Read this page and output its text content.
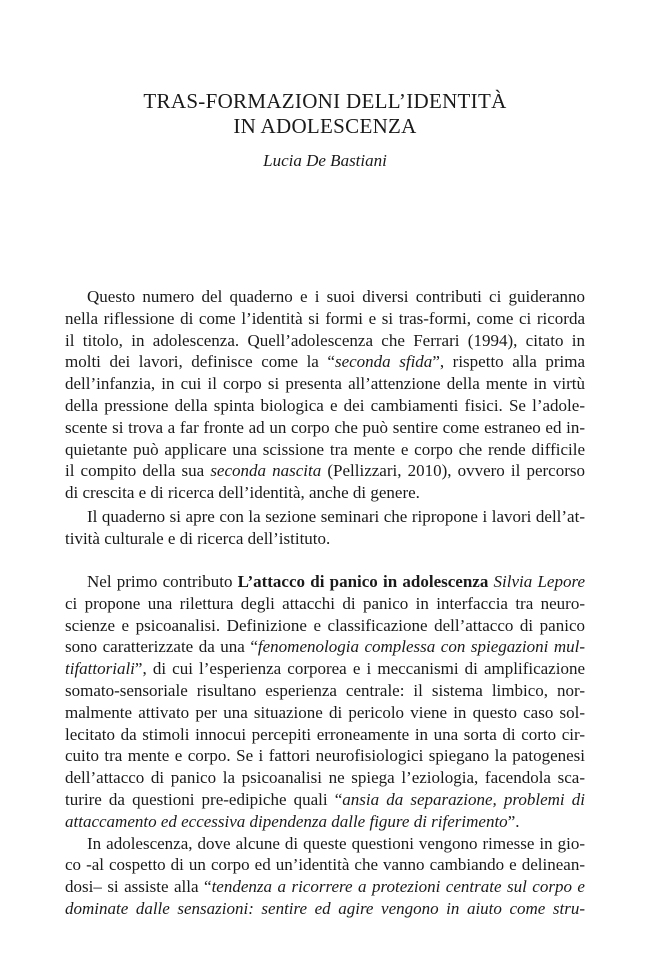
TRAS-FORMAZIONI DELL’IDENTITÀ
IN ADOLESCENZA
Lucia De Bastiani
Questo numero del quaderno e i suoi diversi contributi ci guideranno
nella riflessione di come l’identità si formi e si tras-formi, come ci ricorda
il titolo, in adolescenza. Quell’adolescenza che Ferrari (1994), citato in
molti dei lavori, definisce come la “seconda sfida”, rispetto alla prima
dell’infanzia, in cui il corpo si presenta all’attenzione della mente in virtù
della pressione della spinta biologica e dei cambiamenti fisici. Se l’adole-
scente si trova a far fronte ad un corpo che può sentire come estraneo ed in-
quietante può applicare una scissione tra mente e corpo che rende difficile
il compito della sua seconda nascita (Pellizzari, 2010), ovvero il percorso
di crescita e di ricerca dell’identità, anche di genere.
Il quaderno si apre con la sezione seminari che ripropone i lavori dell’at-
tività culturale e di ricerca dell’istituto.
Nel primo contributo L’attacco di panico in adolescenza Silvia Lepore
ci propone una rilettura degli attacchi di panico in interfaccia tra neuro-
scienze e psicoanalisi. Definizione e classificazione dell’attacco di panico
sono caratterizzate da una “fenomenologia complessa con spiegazioni mul-
tifattoriali”, di cui l’esperienza corporea e i meccanismi di amplificazione
somato-sensoriale risultano esperienza centrale: il sistema limbico, nor-
malmente attivato per una situazione di pericolo viene in questo caso sol-
lecitato da stimoli innocui percepiti erroneamente in una sorta di corto cir-
cuito tra mente e corpo. Se i fattori neurofisiologici spiegano la patogenesi
dell’attacco di panico la psicoanalisi ne spiega l’eziologia, facendola sca-
turire da questioni pre-edipiche quali “ansia da separazione, problemi di
attaccamento ed eccessiva dipendenza dalle figure di riferimento”.
In adolescenza, dove alcune di queste questioni vengono rimesse in gio-
co -al cospetto di un corpo ed un’identità che vanno cambiando e delinean-
dosi– si assiste alla “tendenza a ricorrere a protezioni centrate sul corpo e
dominate dalle sensazioni: sentire ed agire vengono in aiuto come stru-
